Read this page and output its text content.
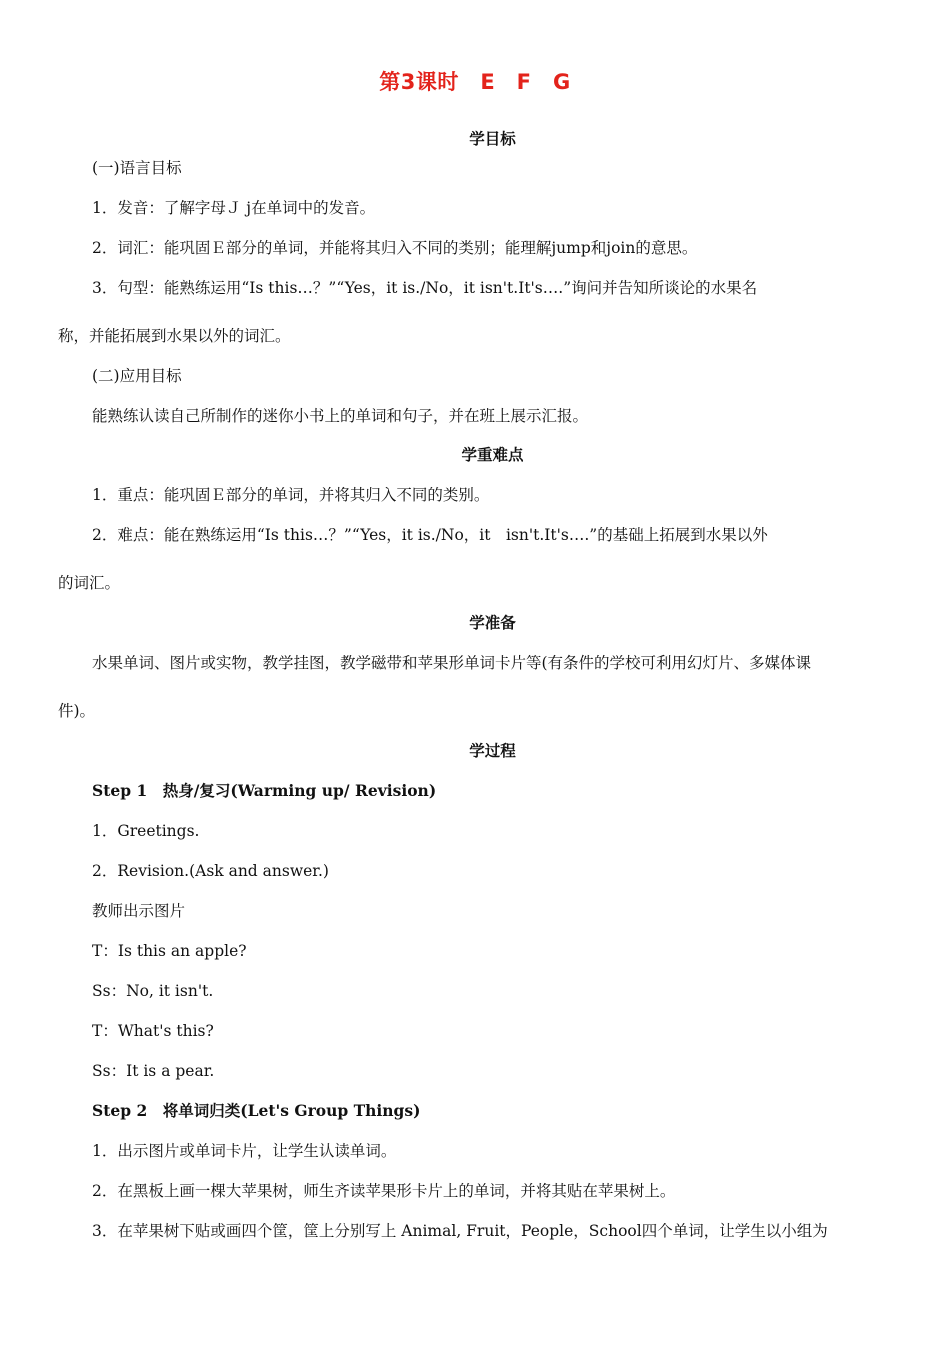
第3课时　E　F　G
学目标
(一)语言目标
1．发音：了解字母Ｊ j在单词中的发音。
2．词汇：能巩固Ｅ部分的单词，并能将其归入不同的类别；能理解jump和join的意思。
3．句型：能熟练运用“Is this…？”“Yes，it is./No，it isn't.It's….”询问并告知所谈论的水果名
称，并能拓展到水果以外的词汇。
(二)应用目标
能熟练认读自己所制作的迷你小书上的单词和句子，并在班上展示汇报。
学重难点
1．重点：能巩固Ｅ部分的单词，并将其归入不同的类别。
2．难点：能在熟练运用“Is this…？”“Yes，it is./No，it　isn't.It's….”的基础上拓展到水果以外
的词汇。
学准备
水果单词、图片或实物，教学挂图，教学磁带和苹果形单词卡片等(有条件的学校可利用幻灯片、多媒体课
件)。
学过程
Step 1　热身/复习(Warming up/ Revision)
1．Greetings.
2．Revision.(Ask and answer.)
教师出示图片
T：Is this an apple?
Ss：No, it isn't.
T：What's this?
Ss：It is a pear.
Step 2　将单词归类(Let's Group Things)
1．出示图片或单词卡片，让学生认读单词。
2．在黑板上画一棵大苹果树，师生齐读苹果形卡片上的单词，并将其贴在苹果树上。
3．在苹果树下贴或画四个筐，筐上分别写上 Animal, Fruit，People，School四个单词，让学生以小组为
